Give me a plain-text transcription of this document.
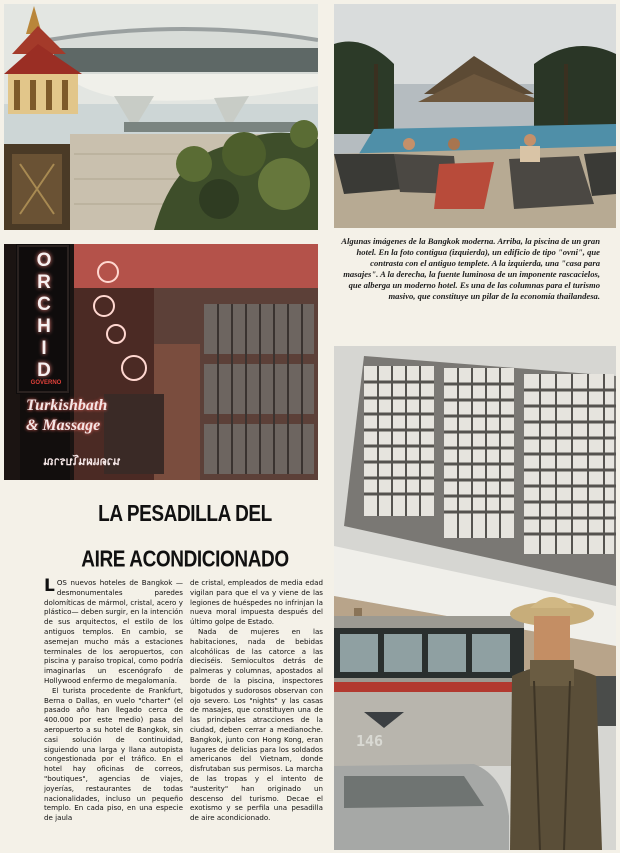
O
R
C
H
I
D
GOVERNO
Turkishbath
& Massage
นวดแผนโบราณ

Algunas imágenes de la Bangkok moderna. Arriba, la piscina de un gran hotel. En la foto contigua (izquierda), un edificio de tipo "ovni", que contrasta con el antiguo templete. A la izquierda, una "casa para masajes". A la derecha, la fuente luminosa de un imponente rascacielos, que alberga un moderno hotel. Es una de las columnas para el turismo masivo, que constituye un pilar de la economía thailandesa.

146
LA PESADILLA DEL
AIRE ACONDICIONADO

LOS nuevos hoteles de Bangkok —desmonumentales paredes dolomíticas de mármol, cristal, acero y plástico— deben surgir, en la intención de sus arquitectos, el estilo de los antiguos templos. En cambio, se asemejan mucho más a estaciones terminales de los aeropuertos, con piscina y paraíso tropical, como podría imaginarlas un escenógrafo de Hollywood enfermo de megalomanía.

El turista procedente de Frankfurt, Berna o Dallas, en vuelo "charter" (el pasado año han llegado cerca de 400.000 por este medio) pasa del aeropuerto a su hotel de Bangkok, sin casi solución de continuidad, siguiendo una larga y llana autopista congestionada por el tráfico. En el hotel hay oficinas de correos, "boutiques", agencias de viajes, joyerías, restaurantes de todas nacionalidades, incluso un pequeño templo. En cada piso, en una especie de jaula

de cristal, empleados de media edad vigilan para que el va y viene de las legiones de huéspedes no infrinjan la nueva moral impuesta después del último golpe de Estado.

Nada de mujeres en las habitaciones, nada de bebidas alcohólicas de las catorce a las dieciséis. Semiocultos detrás de palmeras y columnas, apostados al borde de la piscina, inspectores bigotudos y sudorosos observan con ojo severo. Los "nights" y las casas de masajes, que constituyen una de las principales atracciones de la ciudad, deben cerrar a medianoche. Bangkok, junto con Hong Kong, eran lugares de delicias para los soldados americanos del Vietnam, donde disfrutaban sus permisos. La marcha de las tropas y el intento de "austerity" han originado un descenso del turismo. Decae el exotismo y se perfila una pesadilla de aire acondicionado.
